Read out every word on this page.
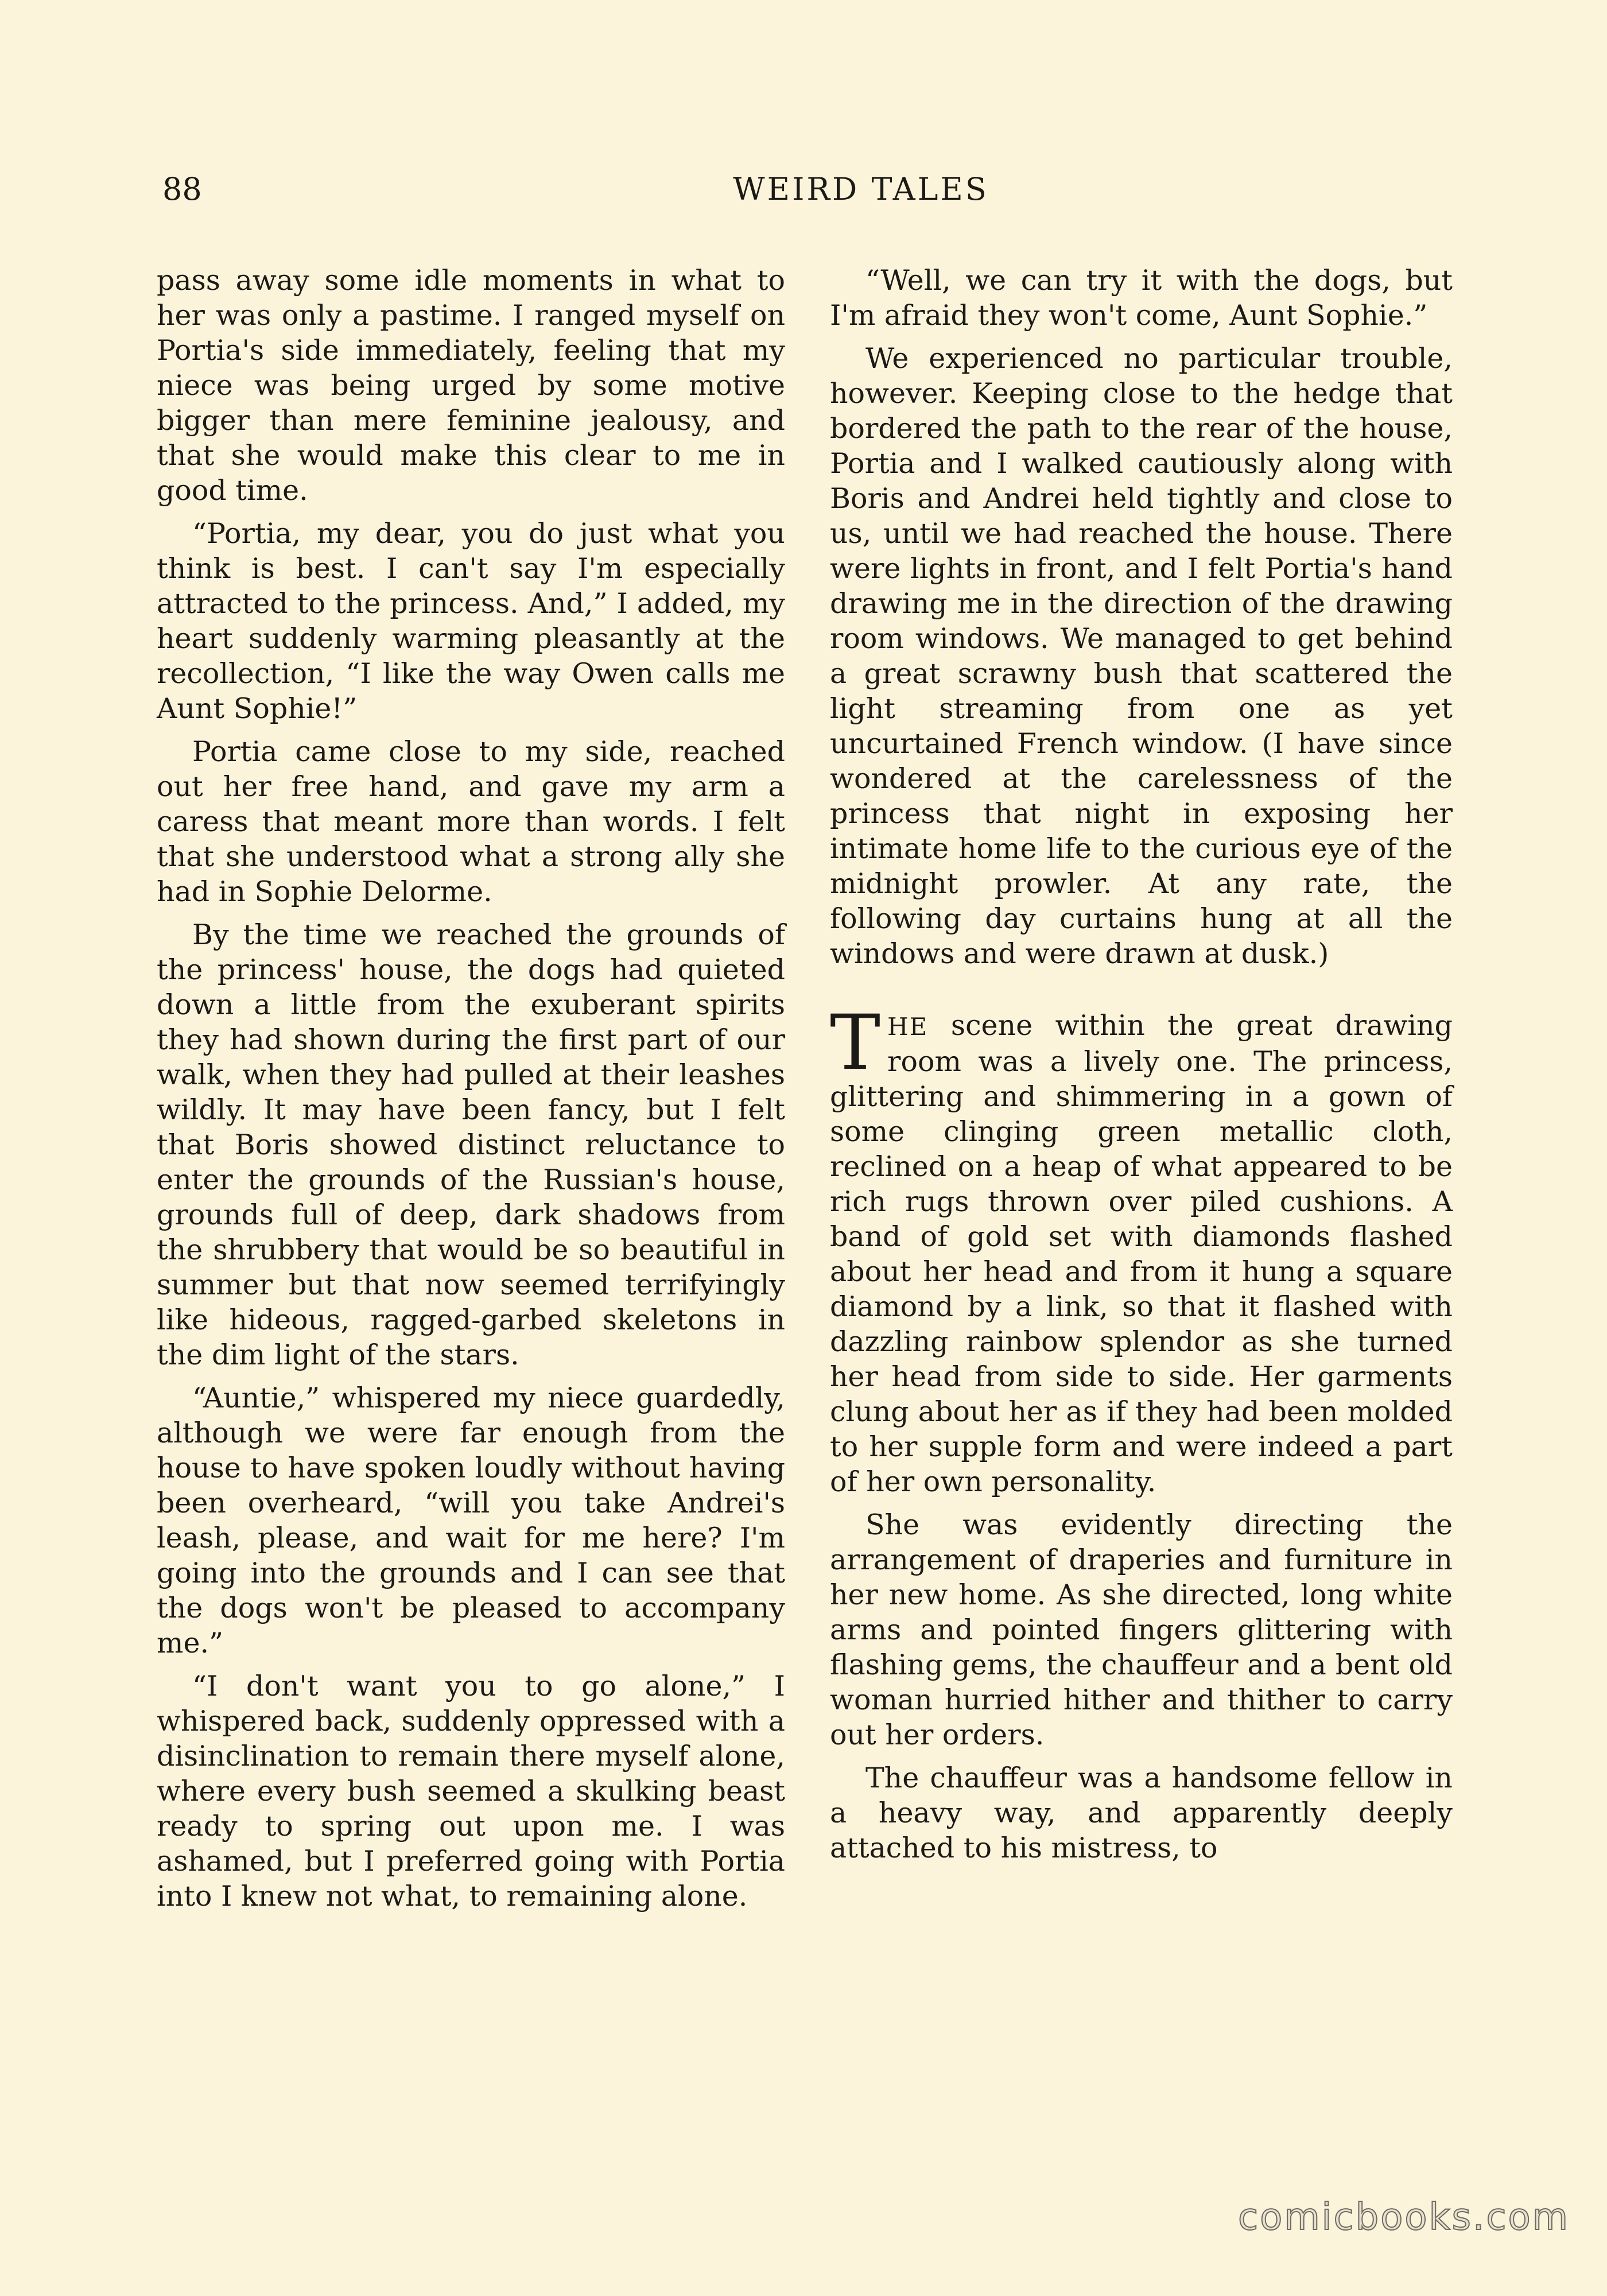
88	WEIRD TALES

pass away some idle moments in what to her was only a pastime. I ranged myself on Portia's side immediately, feeling that my niece was being urged by some motive bigger than mere feminine jealousy, and that she would make this clear to me in good time.

“Portia, my dear, you do just what you think is best. I can't say I'm especially attracted to the princess. And,” I added, my heart suddenly warming pleasantly at the recollection, “I like the way Owen calls me Aunt Sophie!”

Portia came close to my side, reached out her free hand, and gave my arm a caress that meant more than words. I felt that she understood what a strong ally she had in Sophie Delorme.

By the time we reached the grounds of the princess' house, the dogs had quieted down a little from the exuberant spirits they had shown during the first part of our walk, when they had pulled at their leashes wildly. It may have been fancy, but I felt that Boris showed distinct reluctance to enter the grounds of the Russian's house, grounds full of deep, dark shadows from the shrubbery that would be so beautiful in summer but that now seemed terrifyingly like hideous, ragged-garbed skeletons in the dim light of the stars.

“Auntie,” whispered my niece guardedly, although we were far enough from the house to have spoken loudly without having been overheard, “will you take Andrei's leash, please, and wait for me here? I'm going into the grounds and I can see that the dogs won't be pleased to accompany me.”

“I don't want you to go alone,” I whispered back, suddenly oppressed with a disinclination to remain there myself alone, where every bush seemed a skulking beast ready to spring out upon me. I was ashamed, but I preferred going with Portia into I knew not what, to remaining alone.

“Well, we can try it with the dogs, but I'm afraid they won't come, Aunt Sophie.”

We experienced no particular trouble, however. Keeping close to the hedge that bordered the path to the rear of the house, Portia and I walked cautiously along with Boris and Andrei held tightly and close to us, until we had reached the house. There were lights in front, and I felt Portia's hand drawing me in the direction of the drawing room windows. We managed to get behind a great scrawny bush that scattered the light streaming from one as yet uncurtained French window. (I have since wondered at the carelessness of the princess that night in exposing her intimate home life to the curious eye of the midnight prowler. At any rate, the following day curtains hung at all the windows and were drawn at dusk.)

THE scene within the great drawing room was a lively one. The princess, glittering and shimmering in a gown of some clinging green metallic cloth, reclined on a heap of what appeared to be rich rugs thrown over piled cushions. A band of gold set with diamonds flashed about her head and from it hung a square diamond by a link, so that it flashed with dazzling rainbow splendor as she turned her head from side to side. Her garments clung about her as if they had been molded to her supple form and were indeed a part of her own personality.

She was evidently directing the arrangement of draperies and furniture in her new home. As she directed, long white arms and pointed fingers glittering with flashing gems, the chauffeur and a bent old woman hurried hither and thither to carry out her orders.

The chauffeur was a handsome fellow in a heavy way, and apparently deeply attached to his mistress, to

comicbooks.com
